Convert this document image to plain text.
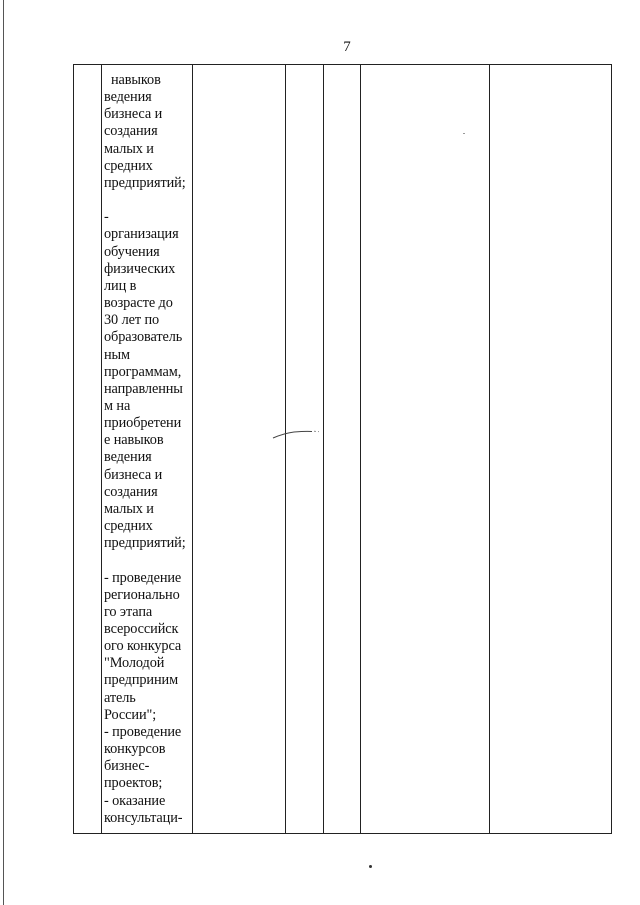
7
навыков
ведения
бизнеса и
создания
малых и
средних
предприятий;

-
организация
обучения
физических
лиц в
возрасте до
30 лет по
образователь
ным
программам,
направленны
м на
приобретени
е навыков
ведения
бизнеса и
создания
малых и
средних
предприятий;

- проведение
регионально
го этапа
всероссийск
ого конкурса
"Молодой
предприним
атель
России";
- проведение
конкурсов
бизнес-
проектов;
- оказание
консультаци-
